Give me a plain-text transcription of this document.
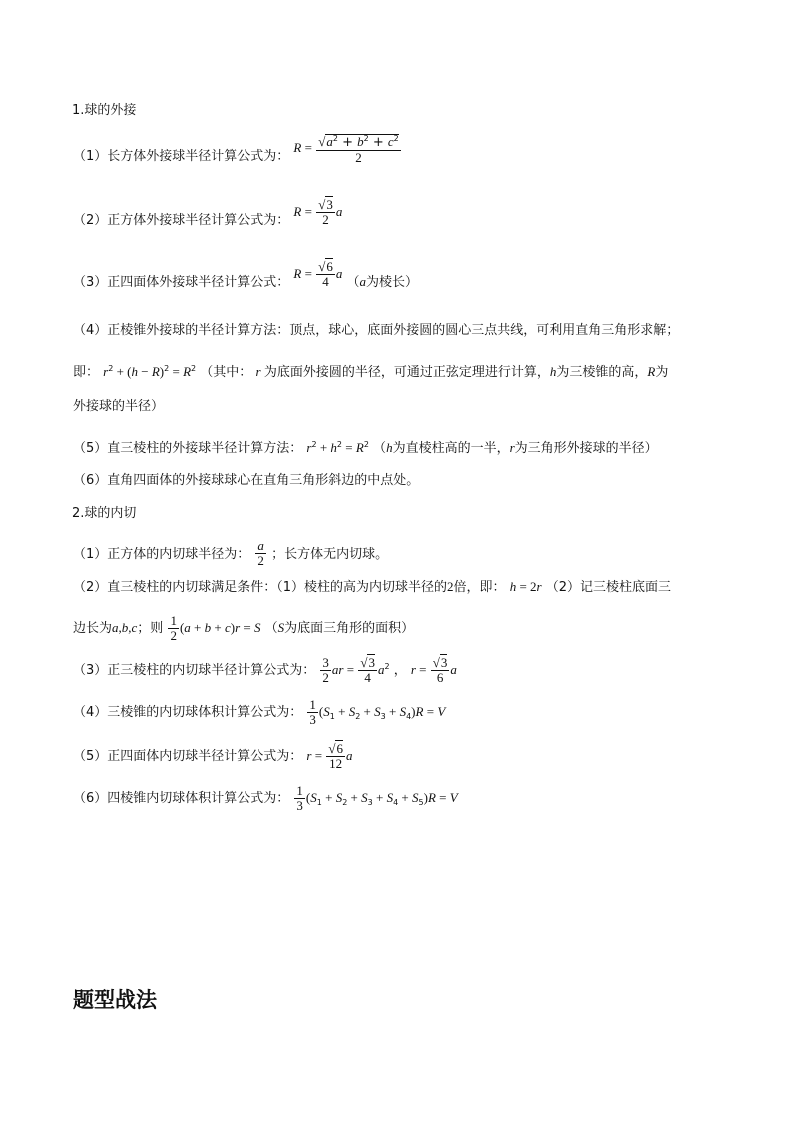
1.球的外接
（1）长方体外接球半径计算公式为： $R = \frac{√a^2 + b^2 + c^2}{2}$
（2）正方体外接球半径计算公式为： $R = \frac{√3}{2}$ a
（3）正四面体外接球半径计算公式： $R = \frac{√6}{4}$ a （a为棱长）
（4）正棱锥外接球的半径计算方法：顶点，球心，底面外接圆的圆心三点共线，可利用直角三角形求解；
即： $r^2 + (h - R)^2 = R^2$ （其中： r 为底面外接圆的半径，可通过正弦定理进行计算，h为三棱锥的高，R为
外接球的半径）
（5）直三棱柱的外接球半径计算方法： $r^2 + h^2 = R^2$ （h为直棱柱高的一半，r为三角形外接球的半径）
（6）直角四面体的外接球球心在直角三角形斜边的中点处。
2.球的内切
（1）正方体的内切球半径为： $\frac{a}{2}$ ；长方体无内切球。
（2）直三棱柱的内切球满足条件：（1）棱柱的高为内切球半径的2倍，即： h = 2r （2）记三棱柱底面三
边长为a,b,c；则 $\frac{1}{2} (a + b + c)r = S$ （S为底面三角形的面积）
（3）正三棱柱的内切球半径计算公式为： $\frac{3}{2}$ ar = $\frac{√3}{4} a^2$ ， $r = \frac{√3}{6}$ a
（4）三棱锥的内切球体积计算公式为： $\frac{1}{3} (S_1 + S_2 + S_3 + S_4)R = V$
（5）正四面体内切球半径计算公式为： $r = \frac{√6}{12}$ a
（6）四棱锥内切球体积计算公式为： $\frac{1}{3} (S_1 + S_2 + S_3 + S_4 + S_5)R = V$
题型战法
